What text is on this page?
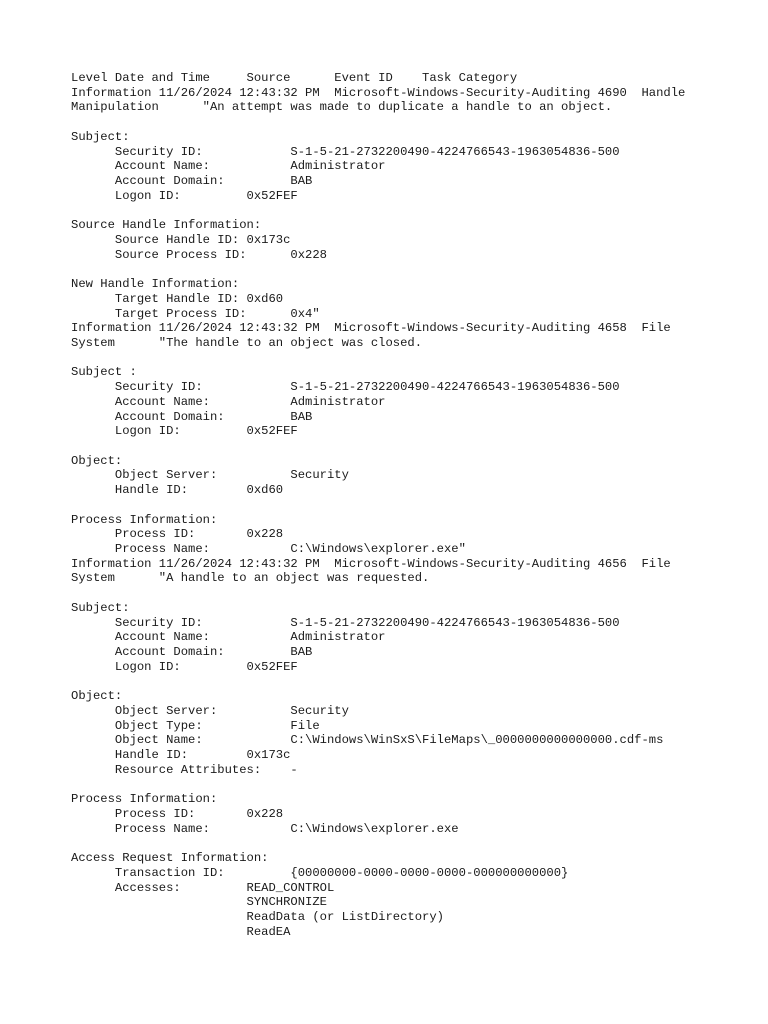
Level Date and Time     Source      Event ID    Task Category
Information 11/26/2024 12:43:32 PM  Microsoft-Windows-Security-Auditing 4690  Handle
Manipulation      "An attempt was made to duplicate a handle to an object.

Subject:
Security ID:            S-1-5-21-2732200490-4224766543-1963054836-500
Account Name:           Administrator
Account Domain:         BAB
Logon ID:         0x52FEF

Source Handle Information:
Source Handle ID: 0x173c
Source Process ID:      0x228

New Handle Information:
Target Handle ID: 0xd60
Target Process ID:      0x4"
Information 11/26/2024 12:43:32 PM  Microsoft-Windows-Security-Auditing 4658  File
System      "The handle to an object was closed.

Subject :
Security ID:            S-1-5-21-2732200490-4224766543-1963054836-500
Account Name:           Administrator
Account Domain:         BAB
Logon ID:         0x52FEF

Object:
Object Server:          Security
Handle ID:        0xd60

Process Information:
Process ID:       0x228
Process Name:           C:\Windows\explorer.exe"
Information 11/26/2024 12:43:32 PM  Microsoft-Windows-Security-Auditing 4656  File
System      "A handle to an object was requested.

Subject:
Security ID:            S-1-5-21-2732200490-4224766543-1963054836-500
Account Name:           Administrator
Account Domain:         BAB
Logon ID:         0x52FEF

Object:
Object Server:          Security
Object Type:            File
Object Name:            C:\Windows\WinSxS\FileMaps\_0000000000000000.cdf-ms
Handle ID:        0x173c
Resource Attributes:    -

Process Information:
Process ID:       0x228
Process Name:           C:\Windows\explorer.exe

Access Request Information:
Transaction ID:         {00000000-0000-0000-0000-000000000000}
Accesses:         READ_CONTROL
SYNCHRONIZE
ReadData (or ListDirectory)
ReadEA
